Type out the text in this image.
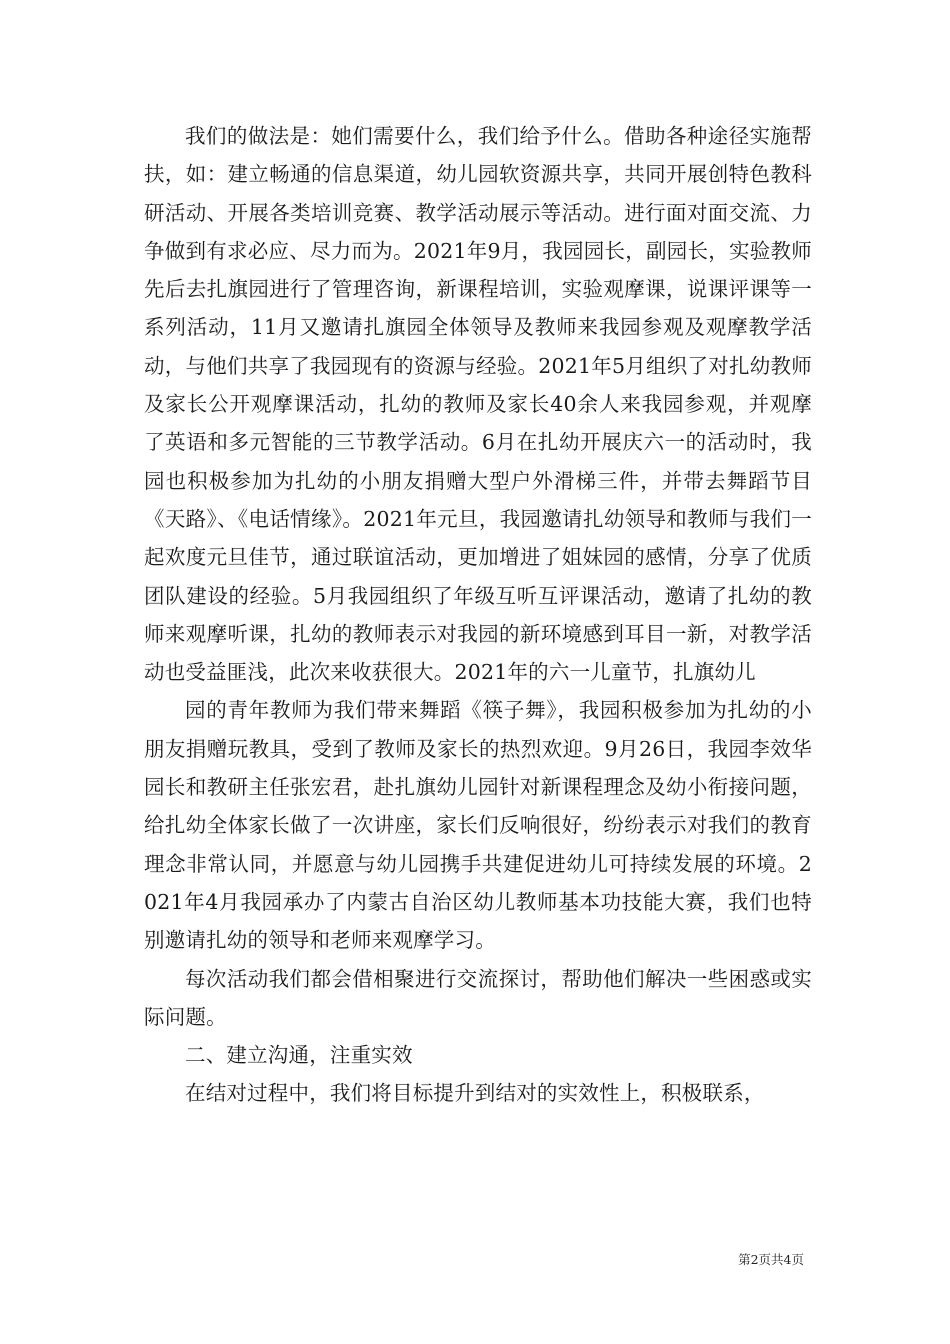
我们的做法是：她们需要什么，我们给予什么。借助各种途径实施帮扶，如：建立畅通的信息渠道，幼儿园软资源共享，共同开展创特色教科研活动、开展各类培训竞赛、教学活动展示等活动。进行面对面交流、力争做到有求必应、尽力而为。2021年9月，我园园长，副园长，实验教师先后去扎旗园进行了管理咨询，新课程培训，实验观摩课，说课评课等一系列活动，11月又邀请扎旗园全体领导及教师来我园参观及观摩教学活动，与他们共享了我园现有的资源与经验。2021年5月组织了对扎幼教师及家长公开观摩课活动，扎幼的教师及家长40余人来我园参观，并观摩了英语和多元智能的三节教学活动。6月在扎幼开展庆六一的活动时，我园也积极参加为扎幼的小朋友捐赠大型户外滑梯三件，并带去舞蹈节目《天路》、《电话情缘》。2021年元旦，我园邀请扎幼领导和教师与我们一起欢度元旦佳节，通过联谊活动，更加增进了姐妹园的感情，分享了优质团队建设的经验。5月我园组织了年级互听互评课活动，邀请了扎幼的教师来观摩听课，扎幼的教师表示对我园的新环境感到耳目一新，对教学活动也受益匪浅，此次来收获很大。2021年的六一儿童节，扎旗幼儿

园的青年教师为我们带来舞蹈《筷子舞》，我园积极参加为扎幼的小朋友捐赠玩教具，受到了教师及家长的热烈欢迎。9月26日，我园李效华园长和教研主任张宏君，赴扎旗幼儿园针对新课程理念及幼小衔接问题，给扎幼全体家长做了一次讲座，家长们反响很好，纷纷表示对我们的教育理念非常认同，并愿意与幼儿园携手共建促进幼儿可持续发展的环境。2021年4月我园承办了内蒙古自治区幼儿教师基本功技能大赛，我们也特别邀请扎幼的领导和老师来观摩学习。

每次活动我们都会借相聚进行交流探讨，帮助他们解决一些困惑或实际问题。

二、建立沟通，注重实效

在结对过程中，我们将目标提升到结对的实效性上，积极联系，

第2页共4页
